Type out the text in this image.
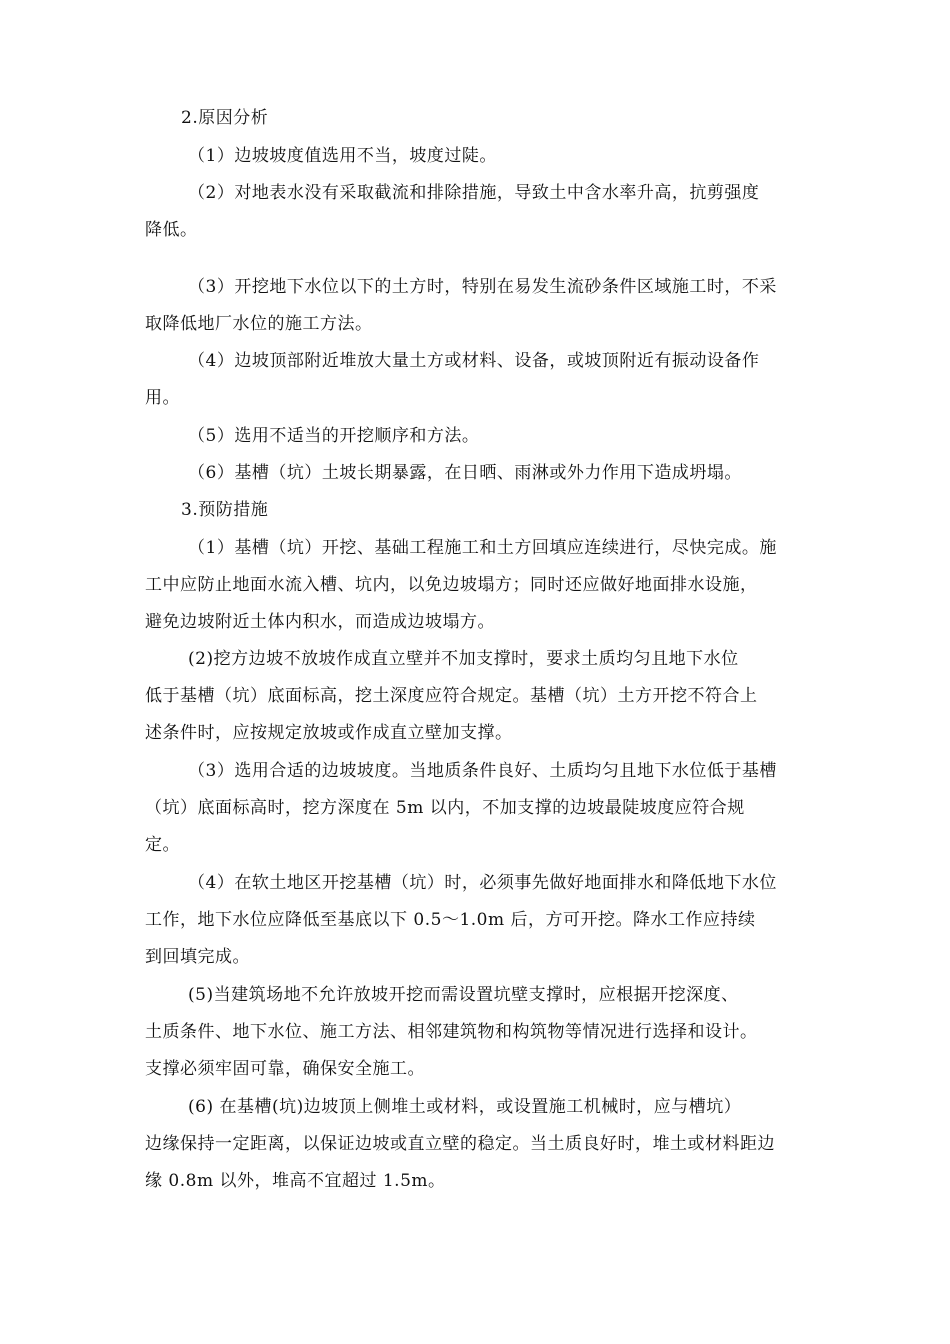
2.原因分析
（1）边坡坡度值选用不当，坡度过陡。
（2）对地表水没有采取截流和排除措施，导致土中含水率升高，抗剪强度
降低。
（3）开挖地下水位以下的土方时，特别在易发生流砂条件区域施工时，不采
取降低地厂水位的施工方法。
（4）边坡顶部附近堆放大量土方或材料、设备，或坡顶附近有振动设备作
用。
（5）选用不适当的开挖顺序和方法。
（6）基槽（坑）土坡长期暴露，在日晒、雨淋或外力作用下造成坍塌。
3.预防措施
（1）基槽（坑）开挖、基础工程施工和土方回填应连续进行，尽快完成。施
工中应防止地面水流入槽、坑内，以免边坡塌方；同时还应做好地面排水设施，
避免边坡附近土体内积水，而造成边坡塌方。
(2)挖方边坡不放坡作成直立壁并不加支撑时，要求土质均匀且地下水位
低于基槽（坑）底面标高，挖土深度应符合规定。基槽（坑）土方开挖不符合上
述条件时，应按规定放坡或作成直立壁加支撑。
（3）选用合适的边坡坡度。当地质条件良好、土质均匀且地下水位低于基槽
（坑）底面标高时，挖方深度在 5m 以内，不加支撑的边坡最陡坡度应符合规
定。
（4）在软土地区开挖基槽（坑）时，必须事先做好地面排水和降低地下水位
工作，地下水位应降低至基底以下 0.5～1.0m 后，方可开挖。降水工作应持续
到回填完成。
(5)当建筑场地不允许放坡开挖而需设置坑壁支撑时，应根据开挖深度、
土质条件、地下水位、施工方法、相邻建筑物和构筑物等情况进行选择和设计。
支撑必须牢固可靠，确保安全施工。
(6) 在基槽(坑)边坡顶上侧堆土或材料，或设置施工机械时，应与槽坑）
边缘保持一定距离，以保证边坡或直立壁的稳定。当土质良好时，堆土或材料距边
缘 0.8m 以外，堆高不宜超过 1.5m。
